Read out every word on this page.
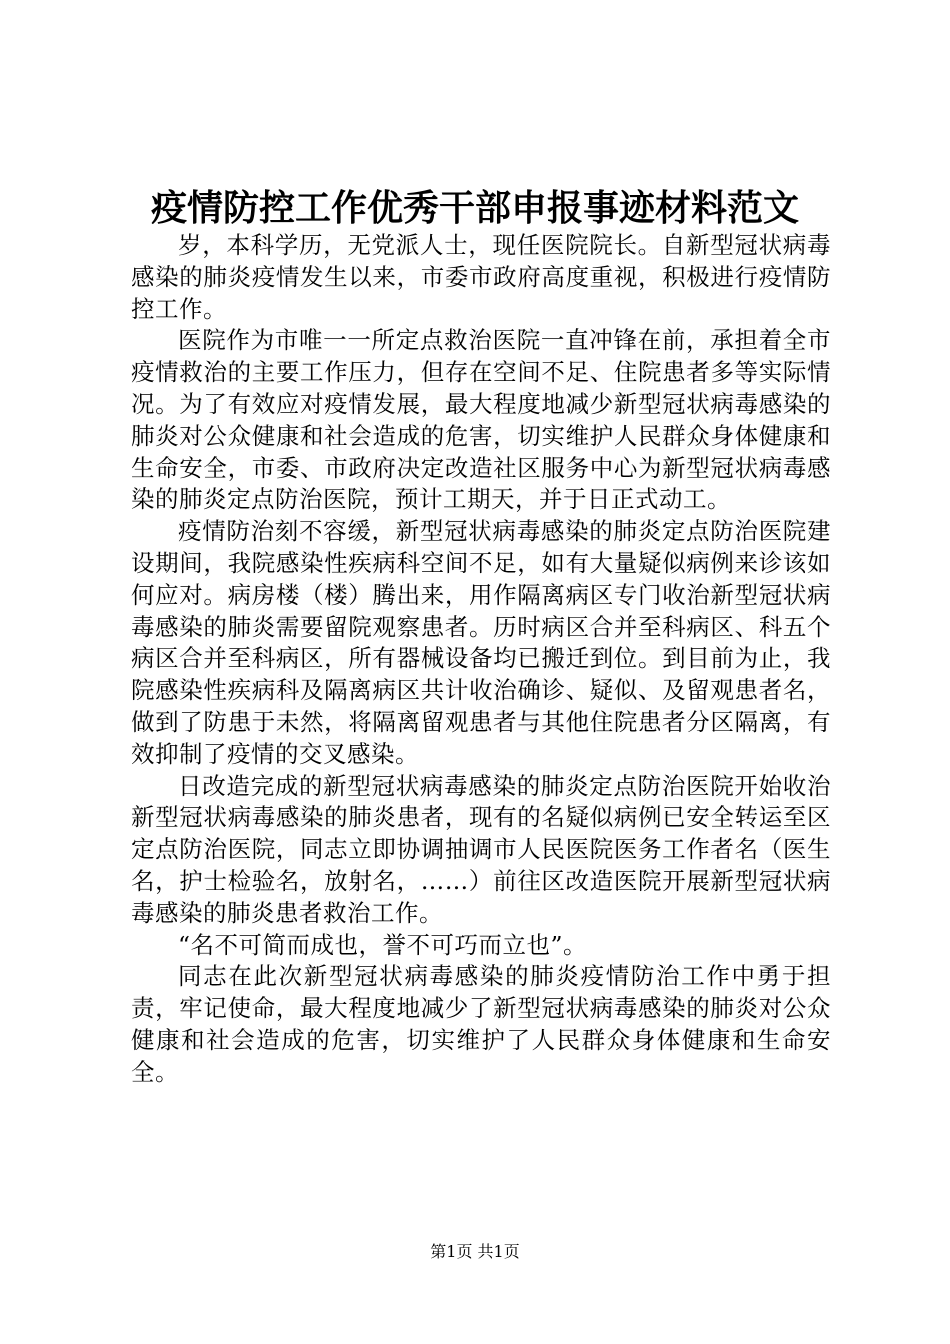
疫情防控工作优秀干部申报事迹材料范文

岁，本科学历，无党派人士，现任医院院长。自新型冠状病毒感染的肺炎疫情发生以来，市委市政府高度重视，积极进行疫情防控工作。

医院作为市唯一一所定点救治医院一直冲锋在前，承担着全市疫情救治的主要工作压力，但存在空间不足、住院患者多等实际情况。为了有效应对疫情发展，最大程度地减少新型冠状病毒感染的肺炎对公众健康和社会造成的危害，切实维护人民群众身体健康和生命安全，市委、市政府决定改造社区服务中心为新型冠状病毒感染的肺炎定点防治医院，预计工期天，并于日正式动工。

疫情防治刻不容缓，新型冠状病毒感染的肺炎定点防治医院建设期间，我院感染性疾病科空间不足，如有大量疑似病例来诊该如何应对。病房楼（楼）腾出来，用作隔离病区专门收治新型冠状病毒感染的肺炎需要留院观察患者。历时病区合并至科病区、科五个病区合并至科病区，所有器械设备均已搬迁到位。到目前为止，我院感染性疾病科及隔离病区共计收治确诊、疑似、及留观患者名，做到了防患于未然，将隔离留观患者与其他住院患者分区隔离，有效抑制了疫情的交叉感染。

日改造完成的新型冠状病毒感染的肺炎定点防治医院开始收治新型冠状病毒感染的肺炎患者，现有的名疑似病例已安全转运至区定点防治医院，同志立即协调抽调市人民医院医务工作者名（医生名，护士检验名，放射名，……）前往区改造医院开展新型冠状病毒感染的肺炎患者救治工作。

“名不可简而成也，誉不可巧而立也”。

同志在此次新型冠状病毒感染的肺炎疫情防治工作中勇于担责，牢记使命，最大程度地减少了新型冠状病毒感染的肺炎对公众健康和社会造成的危害，切实维护了人民群众身体健康和生命安全。

第1页 共1页
